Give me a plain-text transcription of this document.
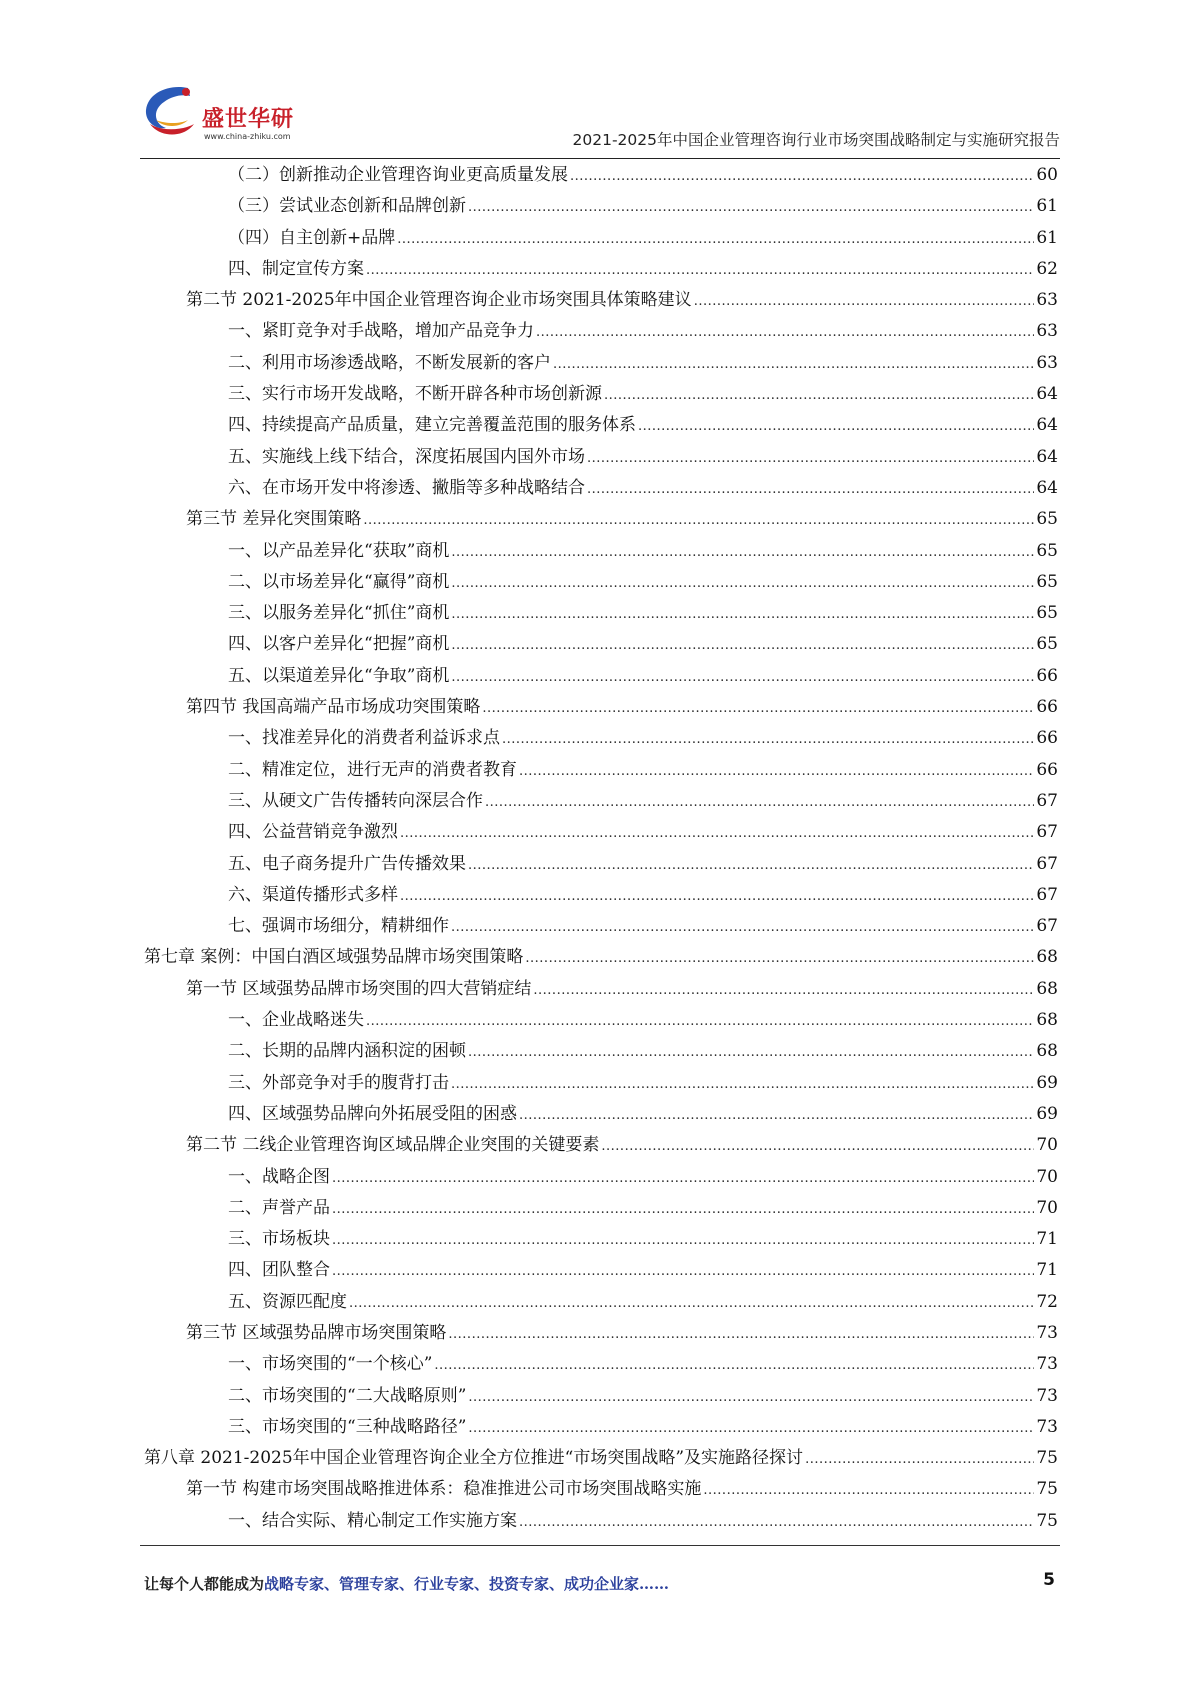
盛世华研
www.china-zhiku.com	2021-2025年中国企业管理咨询行业市场突围战略制定与实施研究报告
（二）创新推动企业管理咨询业更高质量发展 .....	60
（三）尝试业态创新和品牌创新 .....	61
（四）自主创新+品牌 .....	61
四、制定宣传方案 .....	62
第二节 2021-2025年中国企业管理咨询企业市场突围具体策略建议 .....	63
一、紧盯竞争对手战略，增加产品竞争力 .....	63
二、利用市场渗透战略，不断发展新的客户 .....	63
三、实行市场开发战略，不断开辟各种市场创新源 .....	64
四、持续提高产品质量，建立完善覆盖范围的服务体系 .....	64
五、实施线上线下结合，深度拓展国内国外市场 .....	64
六、在市场开发中将渗透、撇脂等多种战略结合 .....	64
第三节 差异化突围策略 .....	65
一、以产品差异化“获取”商机 .....	65
二、以市场差异化“赢得”商机 .....	65
三、以服务差异化“抓住”商机 .....	65
四、以客户差异化“把握”商机 .....	65
五、以渠道差异化“争取”商机 .....	66
第四节 我国高端产品市场成功突围策略 .....	66
一、找准差异化的消费者利益诉求点 .....	66
二、精准定位，进行无声的消费者教育 .....	66
三、从硬文广告传播转向深层合作 .....	67
四、公益营销竞争激烈 .....	67
五、电子商务提升广告传播效果 .....	67
六、渠道传播形式多样 .....	67
七、强调市场细分，精耕细作 .....	67
第七章 案例：中国白酒区域强势品牌市场突围策略 .....	68
第一节 区域强势品牌市场突围的四大营销症结 .....	68
一、企业战略迷失 .....	68
二、长期的品牌内涵积淀的困顿 .....	68
三、外部竞争对手的腹背打击 .....	69
四、区域强势品牌向外拓展受阻的困惑 .....	69
第二节 二线企业管理咨询区域品牌企业突围的关键要素 .....	70
一、战略企图 .....	70
二、声誉产品 .....	70
三、市场板块 .....	71
四、团队整合 .....	71
五、资源匹配度 .....	72
第三节 区域强势品牌市场突围策略 .....	73
一、市场突围的“一个核心” .....	73
二、市场突围的“二大战略原则” .....	73
三、市场突围的“三种战略路径” .....	73
第八章 2021-2025年中国企业管理咨询企业全方位推进“市场突围战略”及实施路径探讨 .....	75
第一节 构建市场突围战略推进体系：稳准推进公司市场突围战略实施 .....	75
一、结合实际、精心制定工作实施方案 .....	75
让每个人都能成为战略专家、管理专家、行业专家、投资专家、成功企业家……	5
